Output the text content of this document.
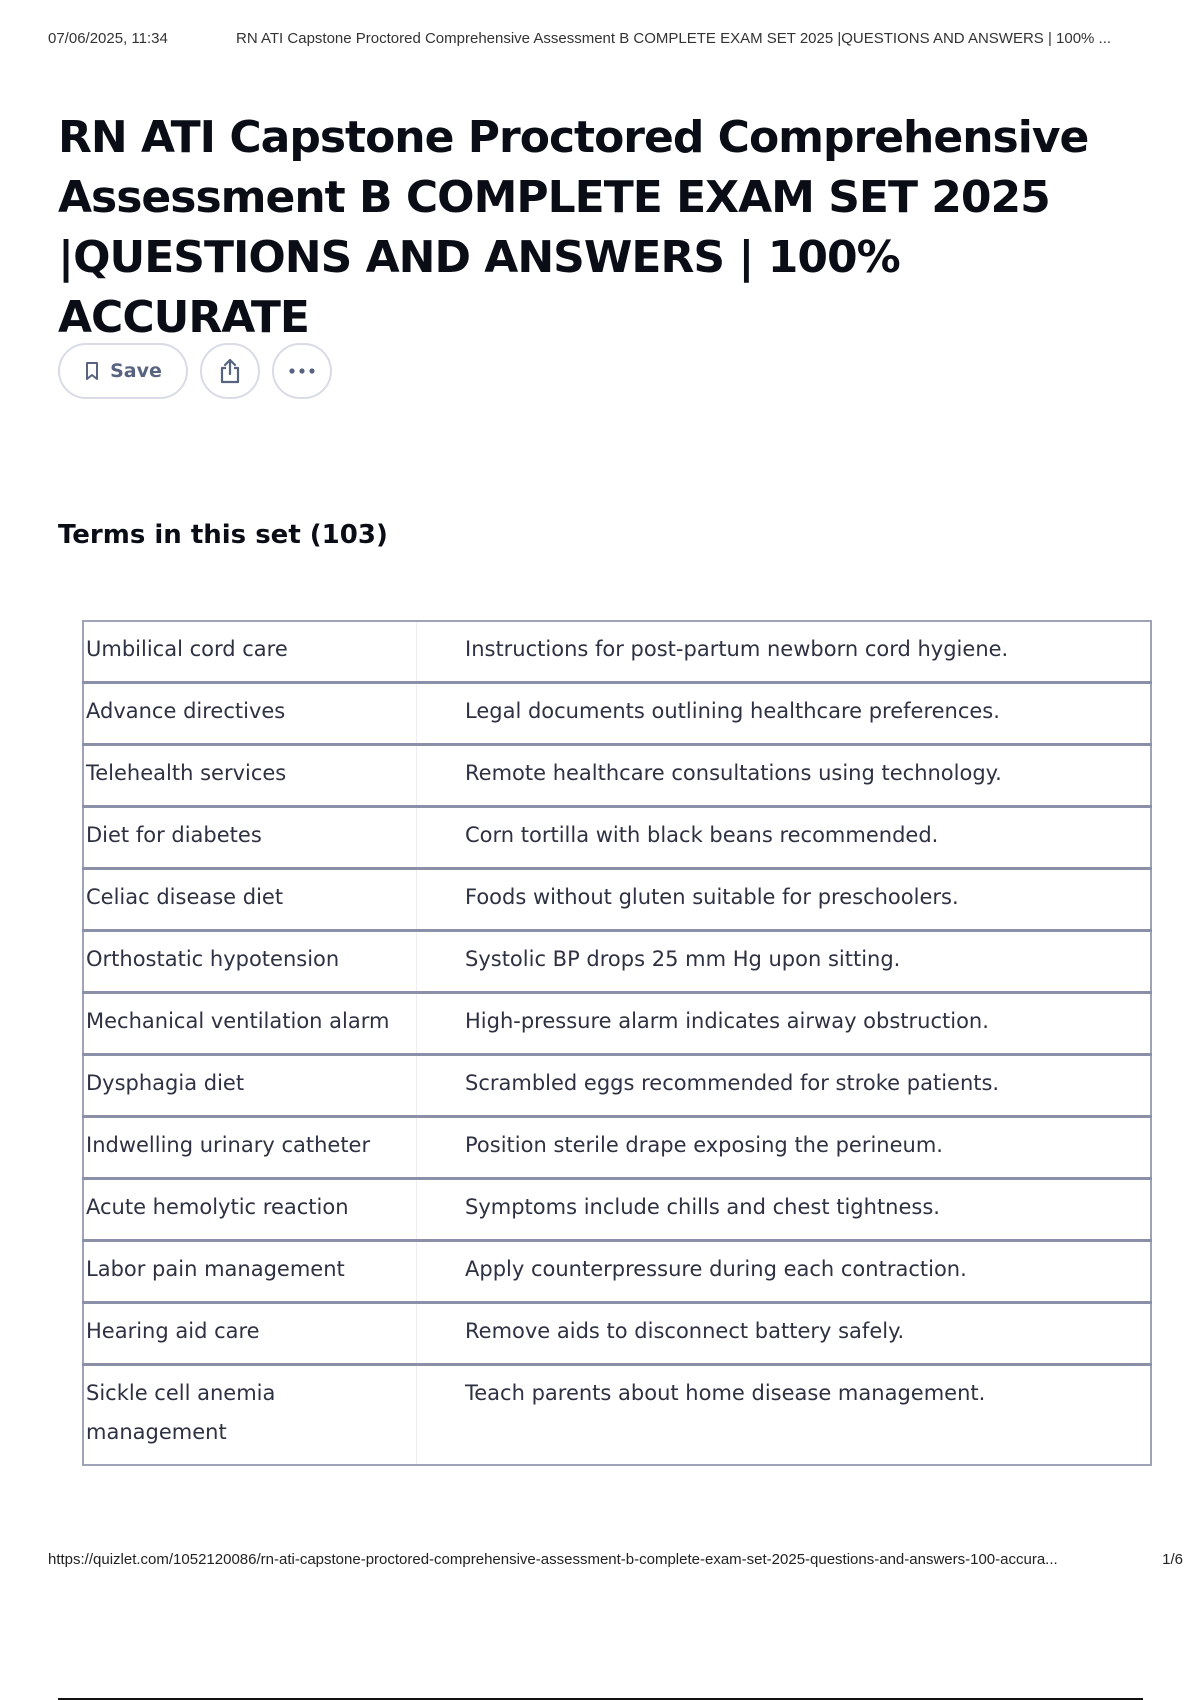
07/06/2025, 11:34	RN ATI Capstone Proctored Comprehensive Assessment B COMPLETE EXAM SET 2025 |QUESTIONS AND ANSWERS | 100% ...
RN ATI Capstone Proctored Comprehensive Assessment B COMPLETE EXAM SET 2025 |QUESTIONS AND ANSWERS | 100% ACCURATE
Save
Terms in this set (103)
Umbilical cord care	Instructions for post-partum newborn cord hygiene.
Advance directives	Legal documents outlining healthcare preferences.
Telehealth services	Remote healthcare consultations using technology.
Diet for diabetes	Corn tortilla with black beans recommended.
Celiac disease diet	Foods without gluten suitable for preschoolers.
Orthostatic hypotension	Systolic BP drops 25 mm Hg upon sitting.
Mechanical ventilation alarm	High-pressure alarm indicates airway obstruction.
Dysphagia diet	Scrambled eggs recommended for stroke patients.
Indwelling urinary catheter	Position sterile drape exposing the perineum.
Acute hemolytic reaction	Symptoms include chills and chest tightness.
Labor pain management	Apply counterpressure during each contraction.
Hearing aid care	Remove aids to disconnect battery safely.
Sickle cell anemia management	Teach parents about home disease management.
https://quizlet.com/1052120086/rn-ati-capstone-proctored-comprehensive-assessment-b-complete-exam-set-2025-questions-and-answers-100-accura...	1/6
